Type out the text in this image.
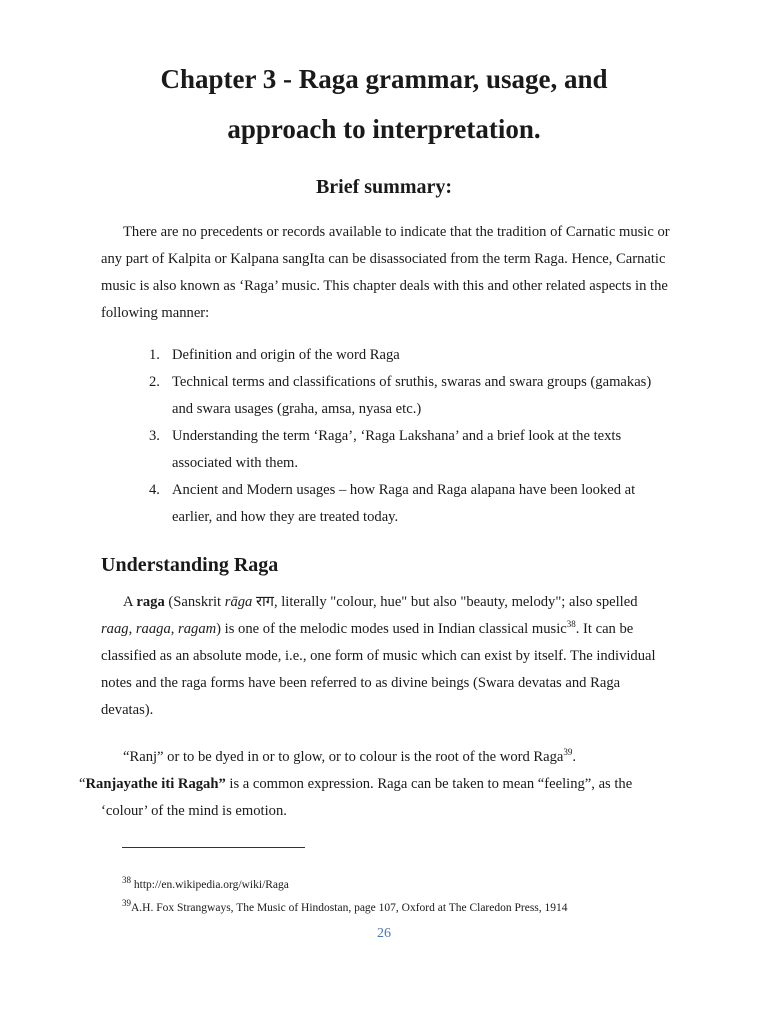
Chapter 3 - Raga grammar, usage, and
approach to interpretation.
Brief summary:

There are no precedents or records available to indicate that the tradition of Carnatic music or any part of Kalpita or Kalpana sangIta can be disassociated from the term Raga. Hence, Carnatic music is also known as ‘Raga’ music. This chapter deals with this and other related aspects in the following manner:

1. Definition and origin of the word Raga
2. Technical terms and classifications of sruthis, swaras and swara groups (gamakas) and swara usages (graha, amsa, nyasa etc.)
3. Understanding the term ‘Raga’, ‘Raga Lakshana’ and a brief look at the texts associated with them.
4. Ancient and Modern usages – how Raga and Raga alapana have been looked at earlier, and how they are treated today.
Understanding Raga

A raga (Sanskrit rāga राग, literally "colour, hue" but also "beauty, melody"; also spelled raag, raaga, ragam) is one of the melodic modes used in Indian classical music$^{38}$. It can be classified as an absolute mode, i.e., one form of music which can exist by itself. The individual notes and the raga forms have been referred to as divine beings (Swara devatas and Raga devatas).

“Ranj” or to be dyed in or to glow, or to colour is the root of the word Raga$^{39}$.
“Ranjayathe iti Ragah” is a common expression. Raga can be taken to mean “feeling”, as the ‘colour’ of the mind is emotion.

$^{38}$ http://en.wikipedia.org/wiki/Raga

$^{39}$A.H. Fox Strangways, The Music of Hindostan, page 107, Oxford at The Claredon Press, 1914

26
